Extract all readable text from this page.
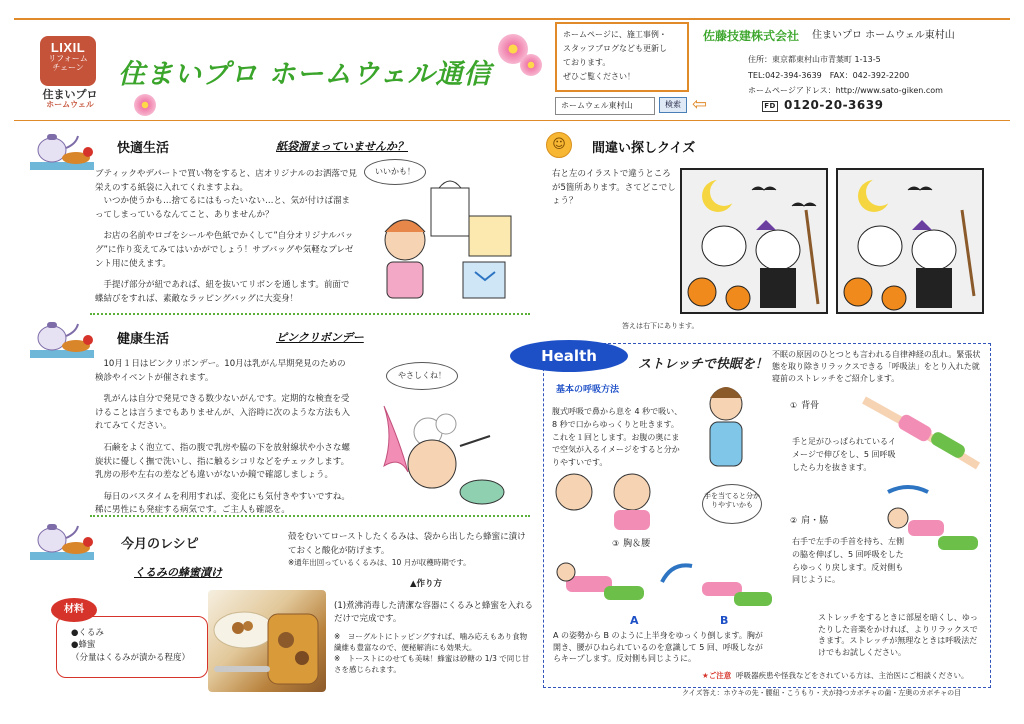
LIXIL
リフォーム
チェーン
住まいプロ
ホームウェル
住まいプロ ホームウェル通信
ホームページに、施工事例・
スタッフブログなども更新し
ております。
ぜひご覧ください！
ホームウェル東村山	検索 ⇦
佐藤技建株式会社 住まいプロ ホームウェル東村山
住所：東京都東村山市青葉町 1-13-5
TEL:042-394-3639　FAX：042-392-2200
ホームページアドレス：http://www.sato-giken.com
FD 0120-20-3639
快適生活	紙袋溜まっていませんか？

ブティックやデパートで買い物をすると、店オリジナルのお洒落で見栄えのする紙袋に入れてくれますよね。

いつか使うかも…捨てるにはもったいない…と、気が付けば溜まってしまっているなんてこと、ありませんか？

お店の名前やロゴをシールや色紙でかくして”自分オリジナルバッグ”に作り変えてみてはいかがでしょう！サブバッグや気軽なプレゼント用に使えます。

手提げ部分が紐であれば、紐を抜いてリボンを通します。前面で蝶結びをすれば、素敵なラッピングバッグに大変身！

いいかも！
☺	間違い探しクイズ
右と左のイラストで違うところが5箇所あります。さてどこでしょう？
答えは右下にあります。
健康生活	ピンクリボンデー

10月１日はピンクリボンデー。10月は乳がん早期発見のための検診やイベントが催されます。

乳がんは自分で発見できる数少ないがんです。定期的な検査を受けることは言うまでもありませんが、入浴時に次のような方法も入れてみてください。

石鹸をよく泡立て、指の腹で乳房や脇の下を放射線状や小さな螺旋状に優しく撫で洗いし、指に触るシコリなどをチェックします。乳房の形や左右の差なども違いがないか鏡で確認しましょう。

毎日のバスタイムを利用すれば、変化にも気付きやすいですね。稀に男性にも発症する病気です。ご主人も確認を。

やさしくね！
Health	ストレッチで快眠を！
不眠の原因のひとつとも言われる自律神経の乱れ。緊張状態を取り除きリラックスできる「呼吸法」をとり入れた就寝前のストレッチをご紹介します。
基本の呼吸方法
腹式呼吸で鼻から息を 4 秒で吸い、8 秒で口からゆっくりと吐きます。これを１回とします。お腹の奥にまで空気が入るイメージをすると分かりやすいです。
手を当てると分かりやすいかも
① 背骨
手と足がひっぱられているイメージで伸びをし、5 回呼吸したら力を抜きます。
② 肩・脇
右手で左手の手首を持ち、左側の脇を伸ばし、5 回呼吸をしたらゆっくり戻します。反対側も同じように。
③ 胸＆腰
A	B
A の姿勢から B のように上半身をゆっくり倒します。胸が開き、腰がひねられているのを意識して 5 回、呼吸しながらキープします。反対側も同じように。
ストレッチをするときに部屋を暗くし、ゆったりした音楽をかければ、よりリラックスできます。ストレッチが無理なときは呼吸法だけでもお試しください。
★ご注意 呼吸器疾患や怪我などをされている方は、主治医にご相談ください。
クイズ答え：ホウキの先・腰紐・こうもり・犬が持つカボチャの歯・左奥のカボチャの目
今月のレシピ
くるみの蜂蜜漬け
殻をむいてローストしたくるみは、袋から出したら蜂蜜に漬けておくと酸化が防げます。
※通年出回っているくるみは、10 月が収穫時期です。
▲作り方
●くるみ
●蜂蜜
（分量はくるみが漬かる程度）
材料	(1)煮沸消毒した清潔な容器にくるみと蜂蜜を入れるだけで完成です。

※　ヨーグルトにトッピングすれば、噛み応えもあり食物繊維も豊富なので、便秘解消にも効果大。

※　トーストにのせても美味！蜂蜜は砂糖の 1/3 で同じ甘さを感じられます。
